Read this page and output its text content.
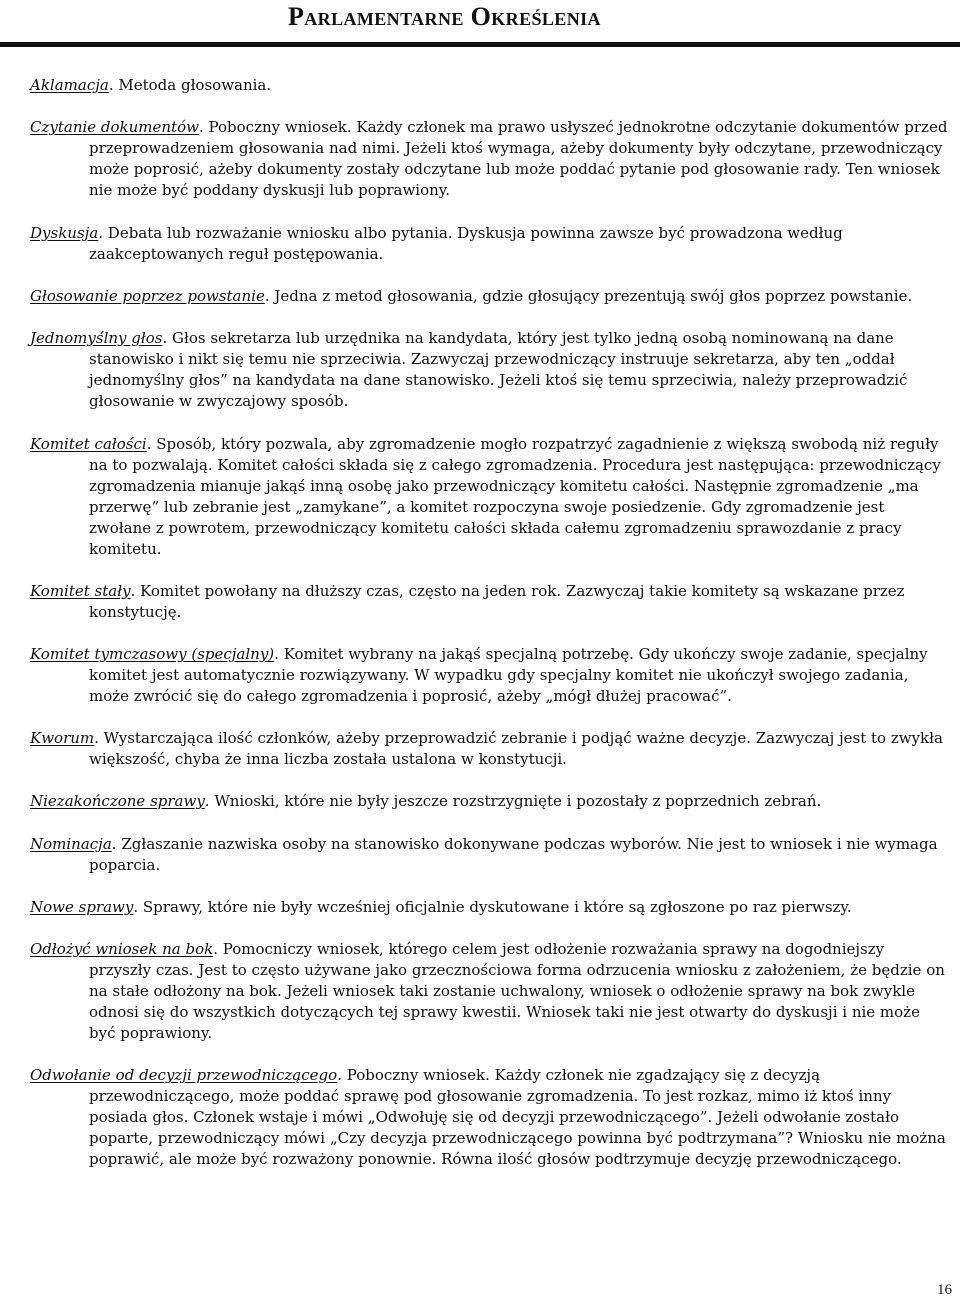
Parlamentarne Określenia

Aklamacja. Metoda głosowania.

Czytanie dokumentów. Poboczny wniosek. Każdy członek ma prawo usłyszeć jednokrotne odczytanie dokumentów przed przeprowadzeniem głosowania nad nimi. Jeżeli ktoś wymaga, ażeby dokumenty były odczytane, przewodniczący może poprosić, ażeby dokumenty zostały odczytane lub może poddać pytanie pod głosowanie rady. Ten wniosek nie może być poddany dyskusji lub poprawiony.

Dyskusja. Debata lub rozważanie wniosku albo pytania. Dyskusja powinna zawsze być prowadzona według zaakceptowanych reguł postępowania.

Głosowanie poprzez powstanie. Jedna z metod głosowania, gdzie głosujący prezentują swój głos poprzez powstanie.

Jednomyślny głos. Głos sekretarza lub urzędnika na kandydata, który jest tylko jedną osobą nominowaną na dane stanowisko i nikt się temu nie sprzeciwia. Zazwyczaj przewodniczący instruuje sekretarza, aby ten „oddał jednomyślny głos” na kandydata na dane stanowisko. Jeżeli ktoś się temu sprzeciwia, należy przeprowadzić głosowanie w zwyczajowy sposób.

Komitet całości. Sposób, który pozwala, aby zgromadzenie mogło rozpatrzyć zagadnienie z większą swobodą niż reguły na to pozwalają. Komitet całości składa się z całego zgromadzenia. Procedura jest następująca: przewodniczący zgromadzenia mianuje jakąś inną osobę jako przewodniczący komitetu całości. Następnie zgromadzenie „ma przerwę” lub zebranie jest „zamykane”, a komitet rozpoczyna swoje posiedzenie. Gdy zgromadzenie jest zwołane z powrotem, przewodniczący komitetu całości składa całemu zgromadzeniu sprawozdanie z pracy komitetu.

Komitet stały. Komitet powołany na dłuższy czas, często na jeden rok. Zazwyczaj takie komitety są wskazane przez konstytucję.

Komitet tymczasowy (specjalny). Komitet wybrany na jakąś specjalną potrzebę. Gdy ukończy swoje zadanie, specjalny komitet jest automatycznie rozwiązywany. W wypadku gdy specjalny komitet nie ukończył swojego zadania, może zwrócić się do całego zgromadzenia i poprosić, ażeby „mógł dłużej pracować”.

Kworum. Wystarczająca ilość członków, ażeby przeprowadzić zebranie i podjąć ważne decyzje. Zazwyczaj jest to zwykła większość, chyba że inna liczba została ustalona w konstytucji.

Niezakończone sprawy. Wnioski, które nie były jeszcze rozstrzygnięte i pozostały z poprzednich zebrań.

Nominacja. Zgłaszanie nazwiska osoby na stanowisko dokonywane podczas wyborów. Nie jest to wniosek i nie wymaga poparcia.

Nowe sprawy. Sprawy, które nie były wcześniej oficjalnie dyskutowane i które są zgłoszone po raz pierwszy.

Odłożyć wniosek na bok. Pomocniczy wniosek, którego celem jest odłożenie rozważania sprawy na dogodniejszy przyszły czas. Jest to często używane jako grzecznościowa forma odrzucenia wniosku z założeniem, że będzie on na stałe odłożony na bok. Jeżeli wniosek taki zostanie uchwalony, wniosek o odłożenie sprawy na bok zwykle odnosi się do wszystkich dotyczących tej sprawy kwestii. Wniosek taki nie jest otwarty do dyskusji i nie może być poprawiony.

Odwołanie od decyzji przewodniczącego. Poboczny wniosek. Każdy członek nie zgadzający się z decyzją przewodniczącego, może poddać sprawę pod głosowanie zgromadzenia. To jest rozkaz, mimo iż ktoś inny posiada głos. Członek wstaje i mówi „Odwołuję się od decyzji przewodniczącego”. Jeżeli odwołanie zostało poparte, przewodniczący mówi „Czy decyzja przewodniczącego powinna być podtrzymana”? Wniosku nie można poprawić, ale może być rozważony ponownie. Równa ilość głosów podtrzymuje decyzję przewodniczącego.

16
